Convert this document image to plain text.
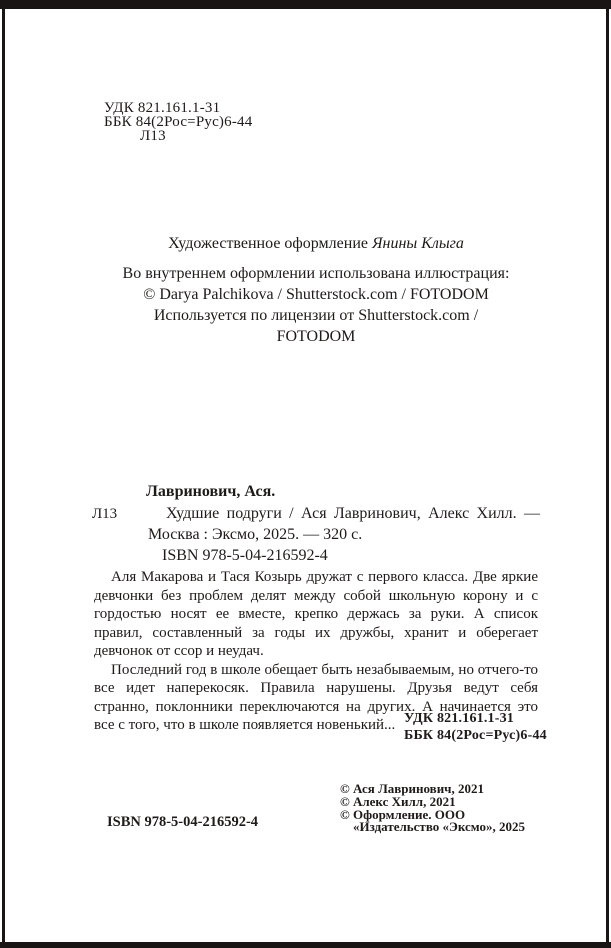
УДК 821.161.1-31
ББК 84(2Рос=Рус)6-44
Л13
Художественное оформление Янины Клыга
Во внутреннем оформлении использована иллюстрация:
© Darya Palchikova / Shutterstock.com / FOTODOM
Используется по лицензии от Shutterstock.com /
FOTODOM
Лавринович, Ася.
Л13	Худшие подруги / Ася Лавринович, Алекс Хилл. — Москва : Эксмо, 2025. — 320 с.
ISBN 978-5-04-216592-4

Аля Макарова и Тася Козырь дружат с первого класса. Две яркие девчонки без проблем делят между собой школьную корону и с гордостью носят ее вместе, крепко держась за руки. А список правил, составленный за годы их дружбы, хранит и оберегает девчонок от ссор и неудач.

Последний год в школе обещает быть незабываемым, но отчего-то все идет наперекосяк. Правила нарушены. Друзья ведут себя странно, поклонники переключаются на других. А начинается это все с того, что в школе появляется новенький... УДК 821.161.1-31
ББК 84(2Рос=Рус)6-44
© Ася Лавринович, 2021
© Алекс Хилл, 2021
© Оформление. ООО
«Издательство «Эксмо», 2025
ISBN 978-5-04-216592-4
